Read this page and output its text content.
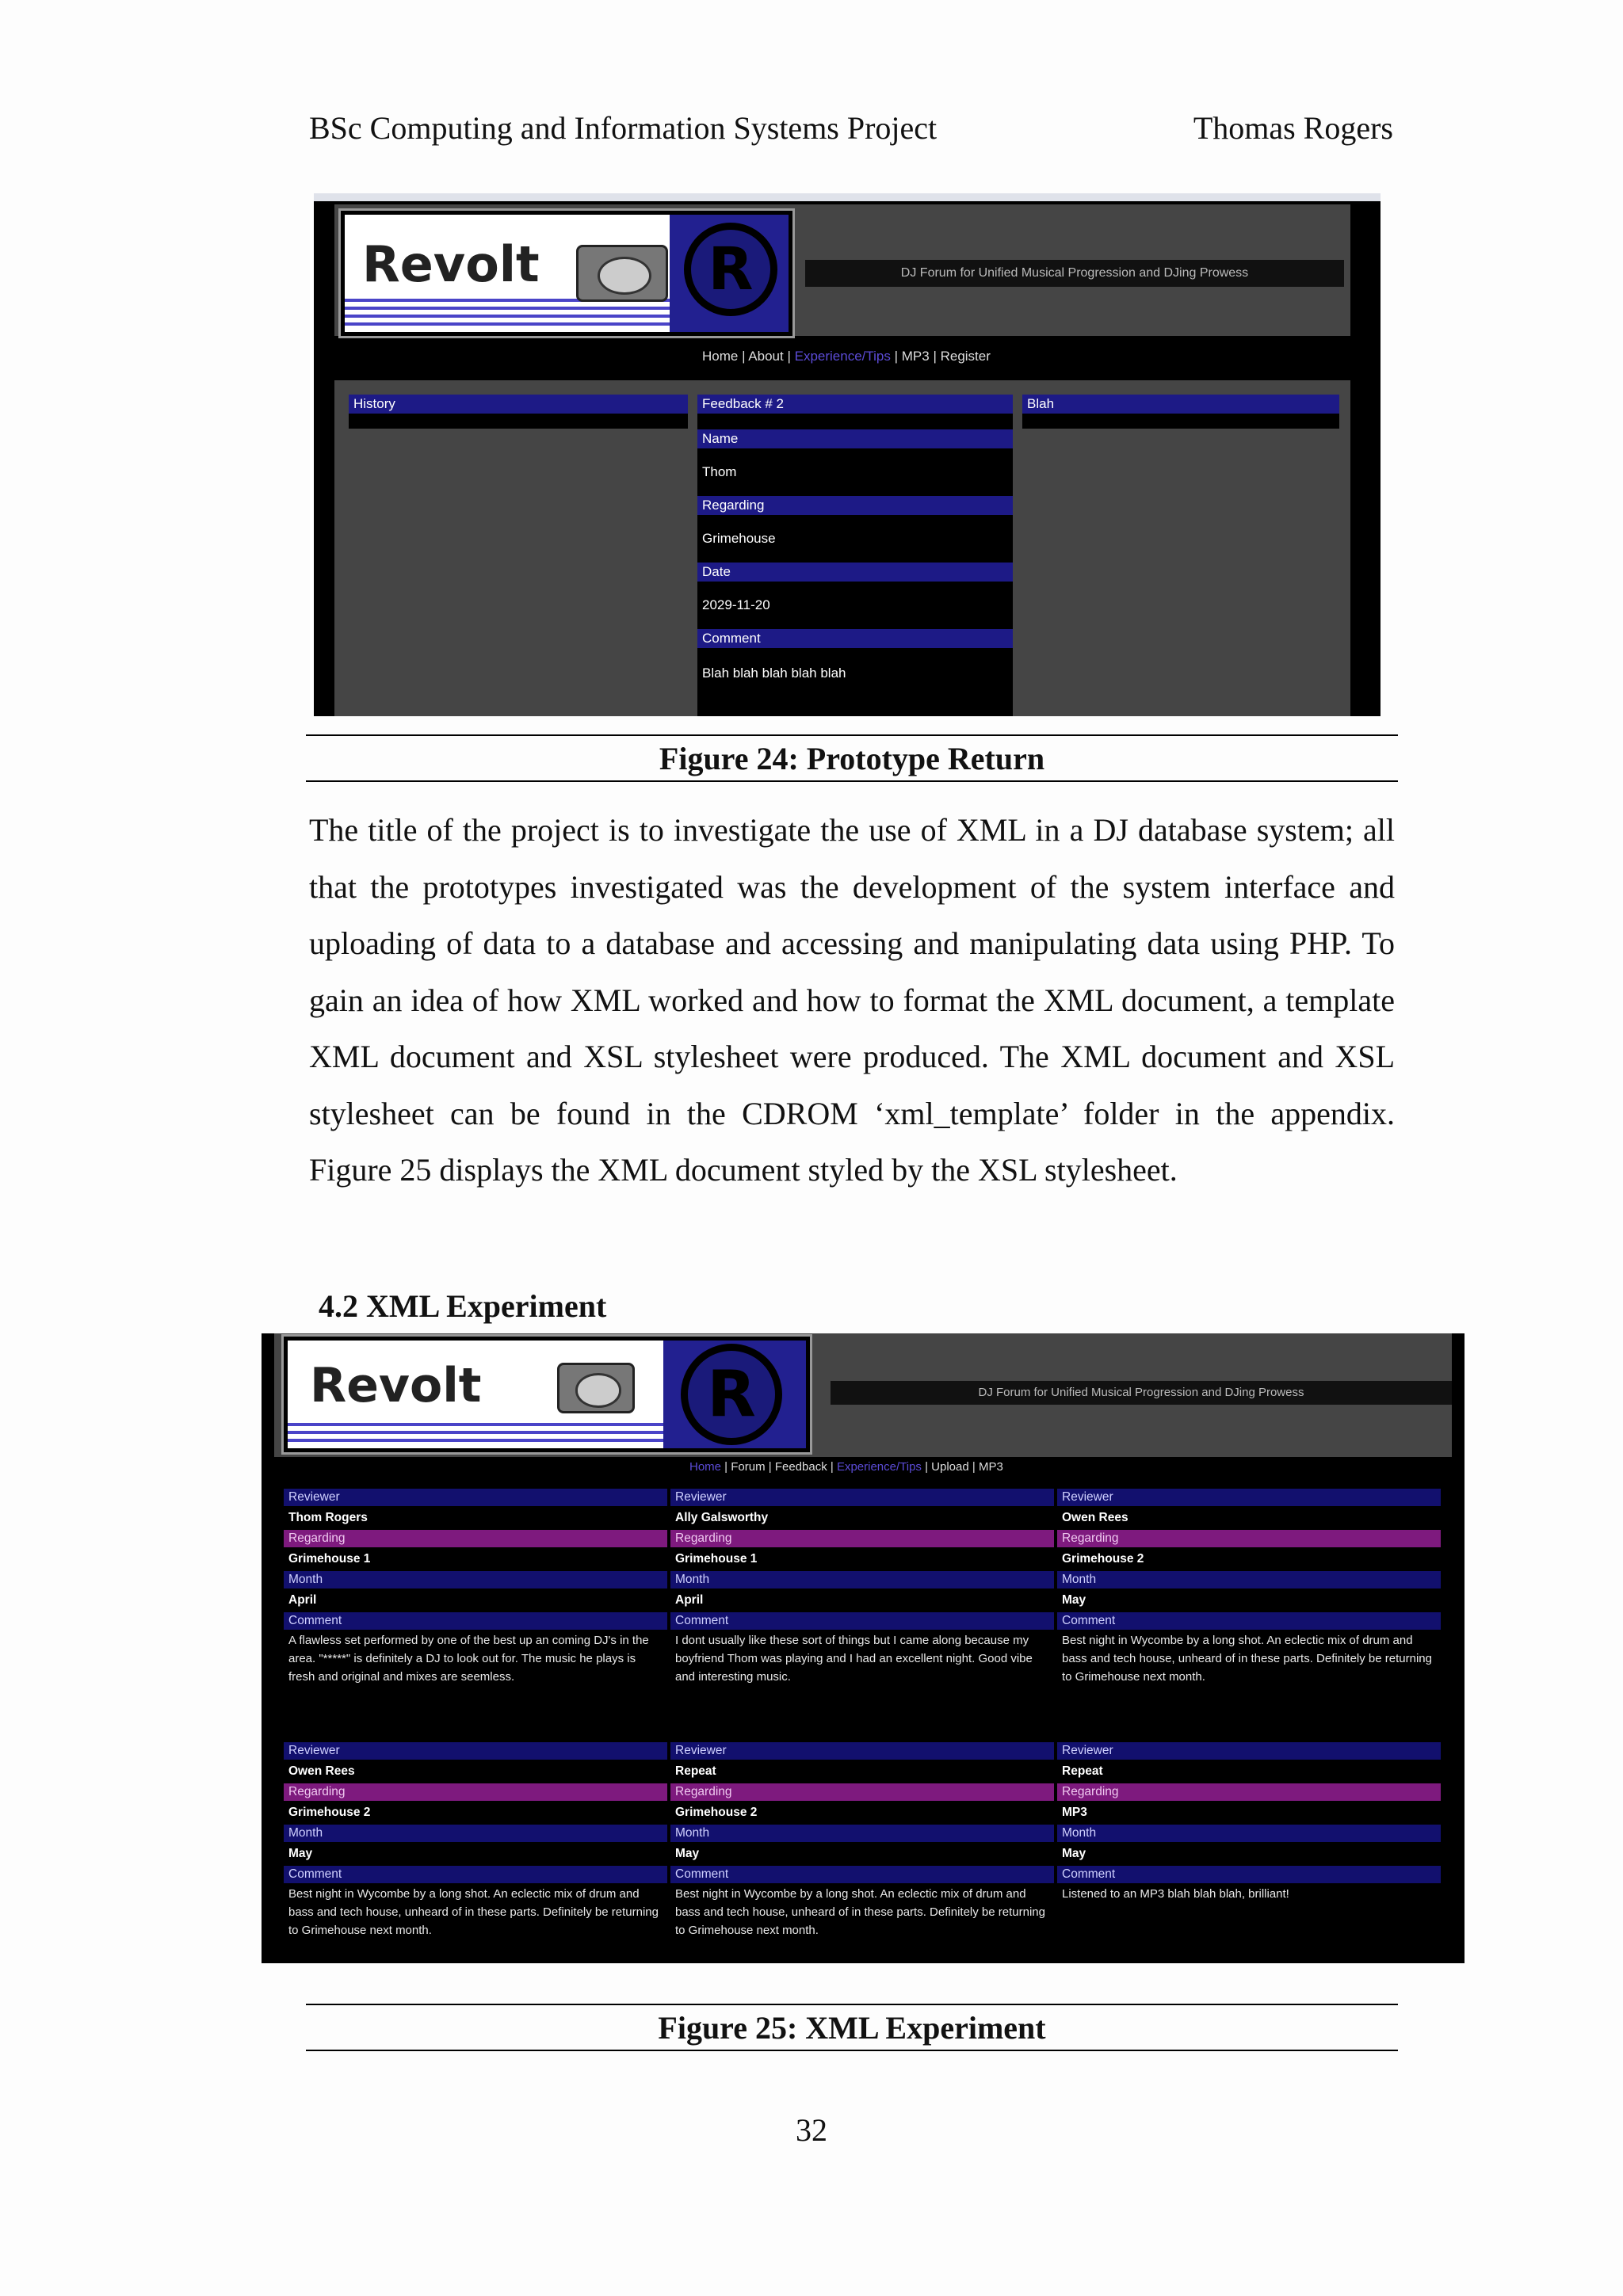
BSc Computing and Information Systems Project	Thomas Rogers
Revolt	R	DJ Forum for Unified Musical Progression and DJing Prowess
Home | About | Experience/Tips | MP3 | Register
History	Feedback # 2
Name
Thom
Regarding
Grimehouse
Date
2029-11-20
Comment
Blah blah blah blah blah
Blah
Figure 24: Prototype Return
The title of the project is to investigate the use of XML in a DJ database system; all that the prototypes investigated was the development of the system interface and uploading of data to a database and accessing and manipulating data using PHP. To gain an idea of how XML worked and how to format the XML document, a template XML document and XSL stylesheet were produced. The XML document and XSL stylesheet can be found in the CDROM ‘xml_template’ folder in the appendix. Figure 25 displays the XML document styled by the XSL stylesheet.
4.2 XML Experiment
Revolt	R	DJ Forum for Unified Musical Progression and DJing Prowess
Home | Forum | Feedback | Experience/Tips | Upload | MP3
Reviewer
Thom Rogers
Regarding
Grimehouse 1
Month
April
Comment
A flawless set performed by one of the best up an coming DJ's in the area. "*****" is definitely a DJ to look out for. The music he plays is fresh and original and mixes are seemless.
Reviewer
Ally Galsworthy
Regarding
Grimehouse 1
Month
April
Comment
I dont usually like these sort of things but I came along because my boyfriend Thom was playing and I had an excellent night. Good vibe and interesting music.
Reviewer
Owen Rees
Regarding
Grimehouse 2
Month
May
Comment
Best night in Wycombe by a long shot. An eclectic mix of drum and bass and tech house, unheard of in these parts. Definitely be returning to Grimehouse next month.
Reviewer
Owen Rees
Regarding
Grimehouse 2
Month
May
Comment
Best night in Wycombe by a long shot. An eclectic mix of drum and bass and tech house, unheard of in these parts. Definitely be returning to Grimehouse next month.
Reviewer
Repeat
Regarding
Grimehouse 2
Month
May
Comment
Best night in Wycombe by a long shot. An eclectic mix of drum and bass and tech house, unheard of in these parts. Definitely be returning to Grimehouse next month.
Reviewer
Repeat
Regarding
MP3
Month
May
Comment
Listened to an MP3 blah blah blah, brilliant!
Figure 25: XML Experiment
32
